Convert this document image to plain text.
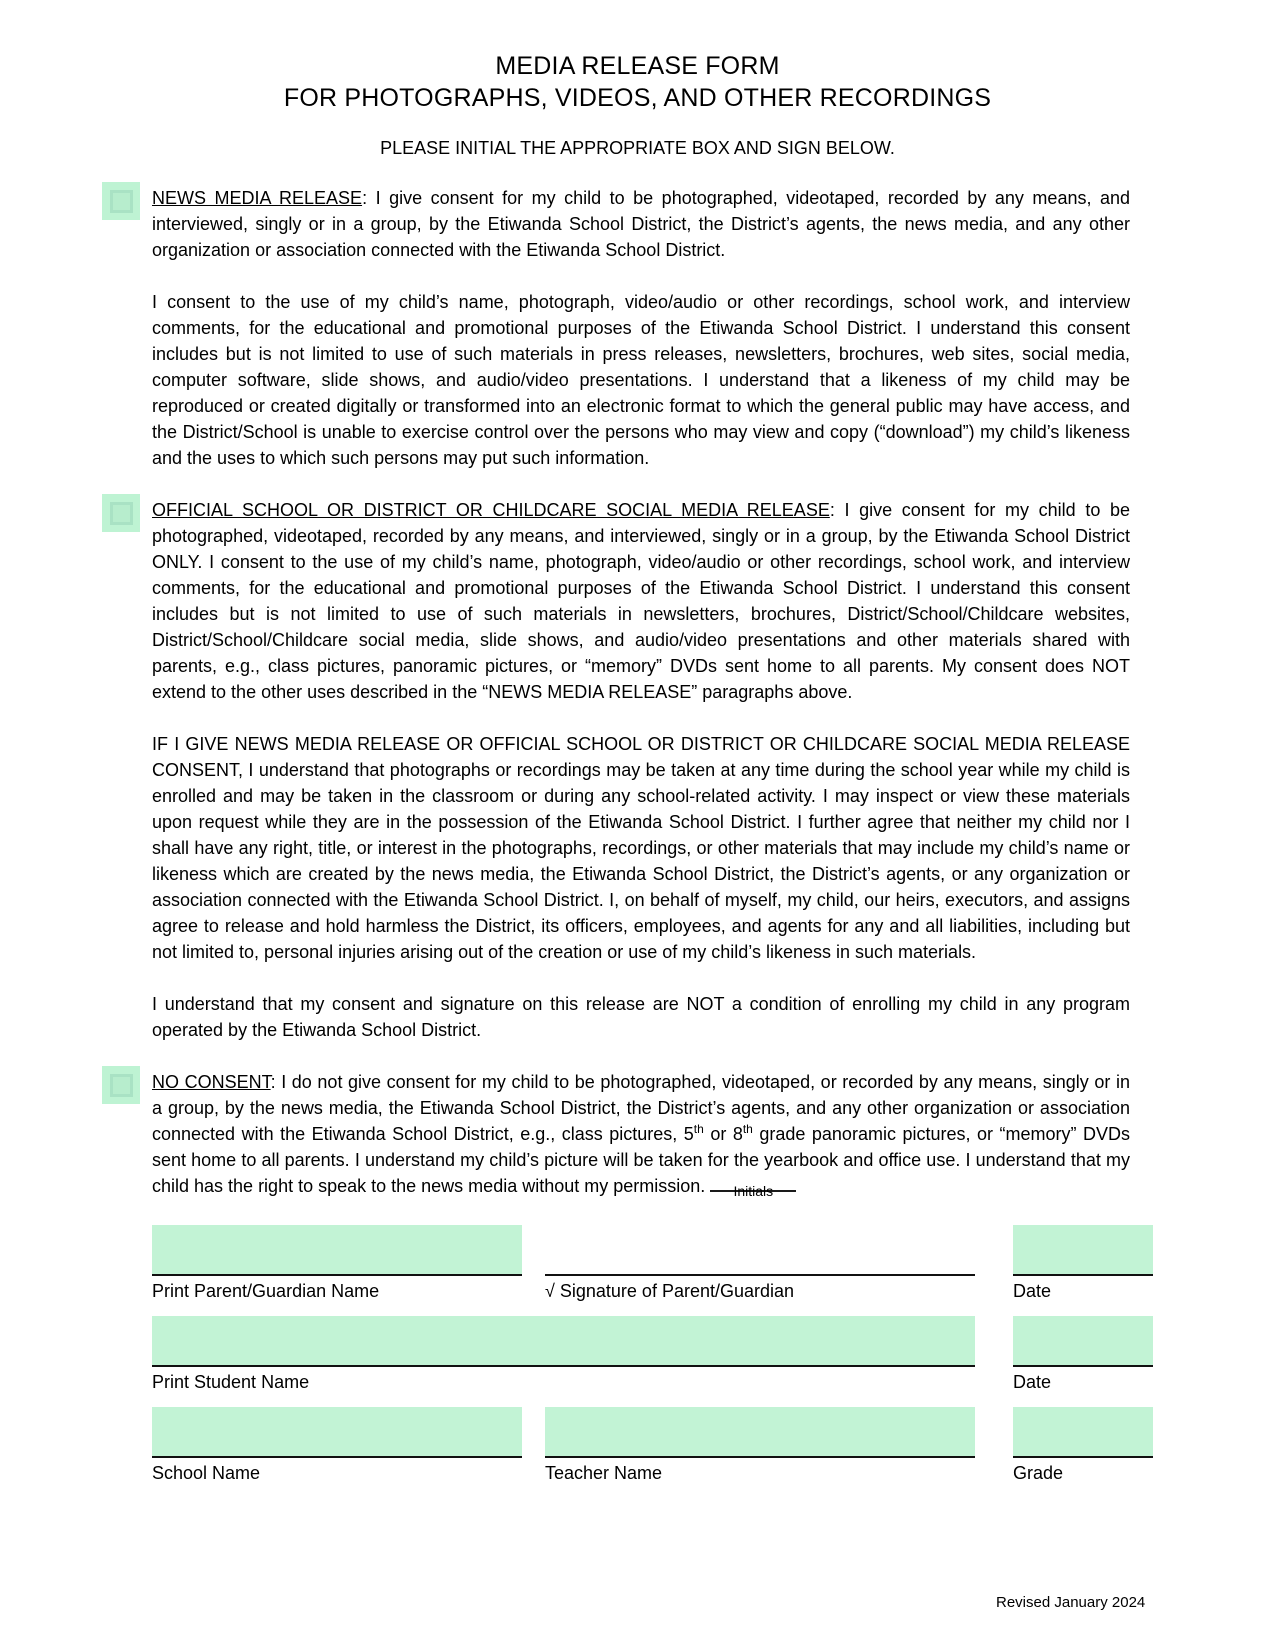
MEDIA RELEASE FORM
FOR PHOTOGRAPHS, VIDEOS, AND OTHER RECORDINGS
PLEASE INITIAL THE APPROPRIATE BOX AND SIGN BELOW.

NEWS MEDIA RELEASE: I give consent for my child to be photographed, videotaped, recorded by any means, and interviewed, singly or in a group, by the Etiwanda School District, the District’s agents, the news media, and any other organization or association connected with the Etiwanda School District.

I consent to the use of my child’s name, photograph, video/audio or other recordings, school work, and interview comments, for the educational and promotional purposes of the Etiwanda School District. I understand this consent includes but is not limited to use of such materials in press releases, newsletters, brochures, web sites, social media, computer software, slide shows, and audio/video presentations. I understand that a likeness of my child may be reproduced or created digitally or transformed into an electronic format to which the general public may have access, and the District/School is unable to exercise control over the persons who may view and copy (“download”) my child’s likeness and the uses to which such persons may put such information.

OFFICIAL SCHOOL OR DISTRICT OR CHILDCARE SOCIAL MEDIA RELEASE: I give consent for my child to be photographed, videotaped, recorded by any means, and interviewed, singly or in a group, by the Etiwanda School District ONLY. I consent to the use of my child’s name, photograph, video/audio or other recordings, school work, and interview comments, for the educational and promotional purposes of the Etiwanda School District. I understand this consent includes but is not limited to use of such materials in newsletters, brochures, District/School/Childcare websites, District/School/Childcare social media, slide shows, and audio/video presentations and other materials shared with parents, e.g., class pictures, panoramic pictures, or “memory” DVDs sent home to all parents. My consent does NOT extend to the other uses described in the “NEWS MEDIA RELEASE” paragraphs above.

IF I GIVE NEWS MEDIA RELEASE OR OFFICIAL SCHOOL OR DISTRICT OR CHILDCARE SOCIAL MEDIA RELEASE CONSENT, I understand that photographs or recordings may be taken at any time during the school year while my child is enrolled and may be taken in the classroom or during any school-related activity. I may inspect or view these materials upon request while they are in the possession of the Etiwanda School District. I further agree that neither my child nor I shall have any right, title, or interest in the photographs, recordings, or other materials that may include my child’s name or likeness which are created by the news media, the Etiwanda School District, the District’s agents, or any organization or association connected with the Etiwanda School District. I, on behalf of myself, my child, our heirs, executors, and assigns agree to release and hold harmless the District, its officers, employees, and agents for any and all liabilities, including but not limited to, personal injuries arising out of the creation or use of my child’s likeness in such materials.

I understand that my consent and signature on this release are NOT a condition of enrolling my child in any program operated by the Etiwanda School District.

NO CONSENT: I do not give consent for my child to be photographed, videotaped, or recorded by any means, singly or in a group, by the news media, the Etiwanda School District, the District’s agents, and any other organization or association connected with the Etiwanda School District, e.g., class pictures, 5th or 8th grade panoramic pictures, or “memory” DVDs sent home to all parents. I understand my child’s picture will be taken for the yearbook and office use. I understand that my child has the right to speak to the news media without my permission.	Initials

Print Parent/Guardian Name	√ Signature of Parent/Guardian	Date
Print Student Name	Date
School Name	Teacher Name	Grade
Revised January 2024
